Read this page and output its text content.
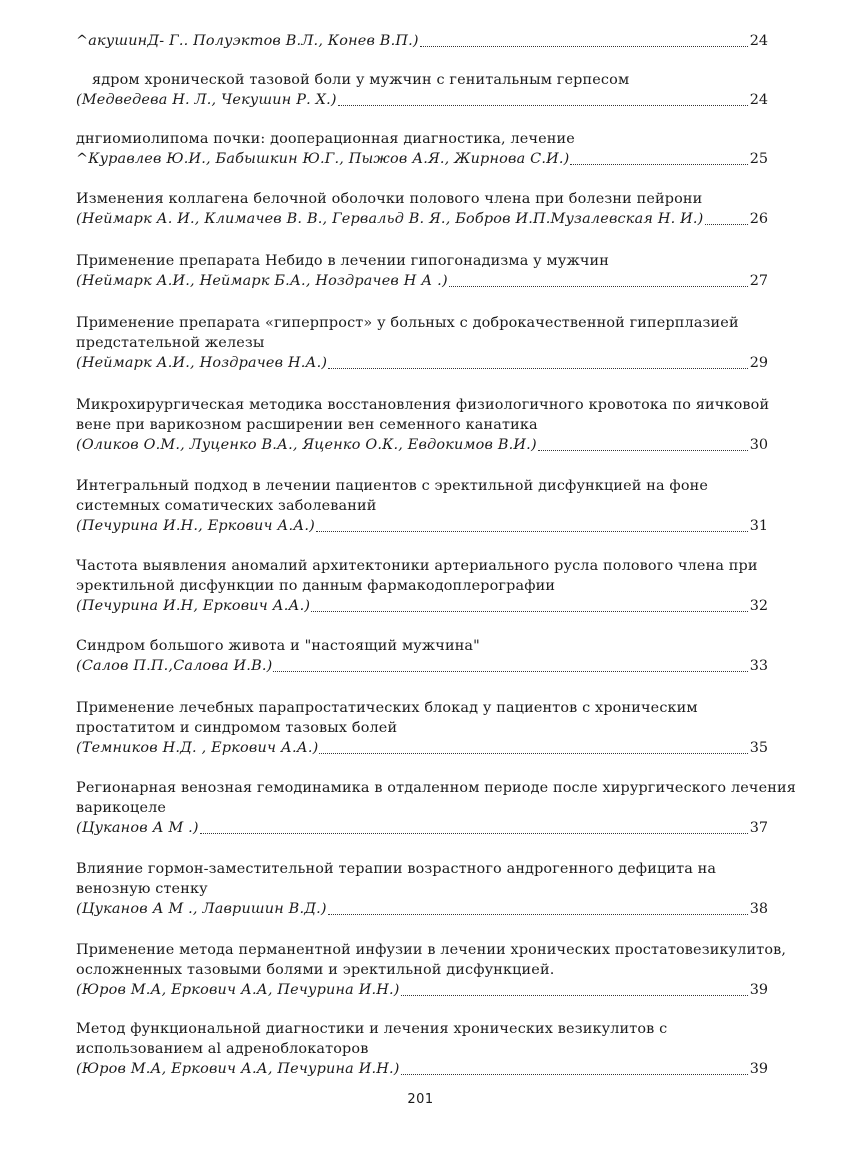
^акушинД- Г.. Полуэктов В.Л., Конев В.П.)	24
ядром хронической тазовой боли у мужчин с генитальным герпесом
(Медведева Н. Л., Чекушин Р. Х.)	24
днгиомиолипома почки: дооперационная диагностика, лечение
^Куравлев Ю.И., Бабышкин Ю.Г., Пыжов А.Я., Жирнова С.И.)	25
Изменения коллагена белочной оболочки полового члена при болезни пейрони
(Неймарк А. И., Климачев В. В., Гервальд В. Я., Бобров И.П.Музалевская Н. И.)	26
Применение препарата Небидо в лечении гипогонадизма у мужчин
(Неймарк А.И., Неймарк Б.А., Ноздрачев Н А .)	27
Применение препарата «гиперпрост» у больных с доброкачественной гиперплазией
предстательной железы
(Неймарк А.И., Ноздрачев Н.А.)	29
Микрохирургическая методика восстановления физиологичного кровотока по яичковой
вене при варикозном расширении вен семенного канатика
(Оликов О.М., Луценко В.А., Яценко О.К., Евдокимов В.И.)	30
Интегральный подход в лечении пациентов с эректильной дисфункцией на фоне
системных соматических заболеваний
(Печурина И.Н., Еркович А.А.)	31
Частота выявления аномалий архитектоники артериального русла полового члена при
эректильной дисфункции по данным фармакодоплерографии
(Печурина И.Н, Еркович А.А.)	32
Синдром большого живота и "настоящий мужчина"
(Салов П.П.,Салова И.В.)	33
Применение лечебных парапростатических блокад у пациентов с хроническим
простатитом и синдромом тазовых болей
(Темников Н.Д. , Еркович А.А.)	35
Регионарная венозная гемодинамика в отдаленном периоде после хирургического лечения
варикоцеле
(Цуканов А М .)	37
Влияние гормон-заместительной терапии возрастного андрогенного дефицита на
венозную стенку
(Цуканов А М ., Лавришин В.Д.)	38
Применение метода перманентной инфузии в лечении хронических простатовезикулитов,
осложненных тазовыми болями и эректильной дисфункцией.
(Юров М.А, Еркович А.А, Печурина И.Н.)	39
Метод функциональной диагностики и лечения хронических везикулитов с
использованием al адреноблокаторов
(Юров М.А, Еркович А.А, Печурина И.Н.)	39
201
